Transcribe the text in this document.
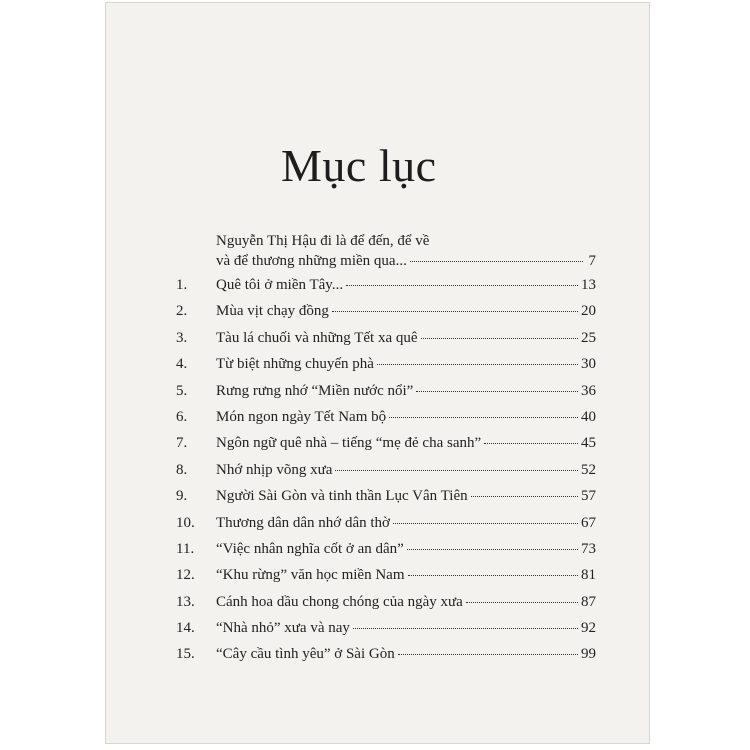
Mục lục
Nguyễn Thị Hậu đi là để đến, để về
và để thương những miền qua...	7
1.	Quê tôi ở miền Tây...	13
2.	Mùa vịt chạy đồng	20
3.	Tàu lá chuối và những Tết xa quê	25
4.	Từ biệt những chuyến phà	30
5.	Rưng rưng nhớ “Miền nước nổi”	36
6.	Món ngon ngày Tết Nam bộ	40
7.	Ngôn ngữ quê nhà – tiếng “mẹ đẻ cha sanh”	45
8.	Nhớ nhịp võng xưa	52
9.	Người Sài Gòn và tinh thần Lục Vân Tiên	57
10.	Thương dân dân nhớ dân thờ	67
11.	“Việc nhân nghĩa cốt ở an dân”	73
12.	“Khu rừng” văn học miền Nam	81
13.	Cánh hoa dầu chong chóng của ngày xưa	87
14.	“Nhà nhỏ” xưa và nay	92
15.	“Cây cầu tình yêu” ở Sài Gòn	99
